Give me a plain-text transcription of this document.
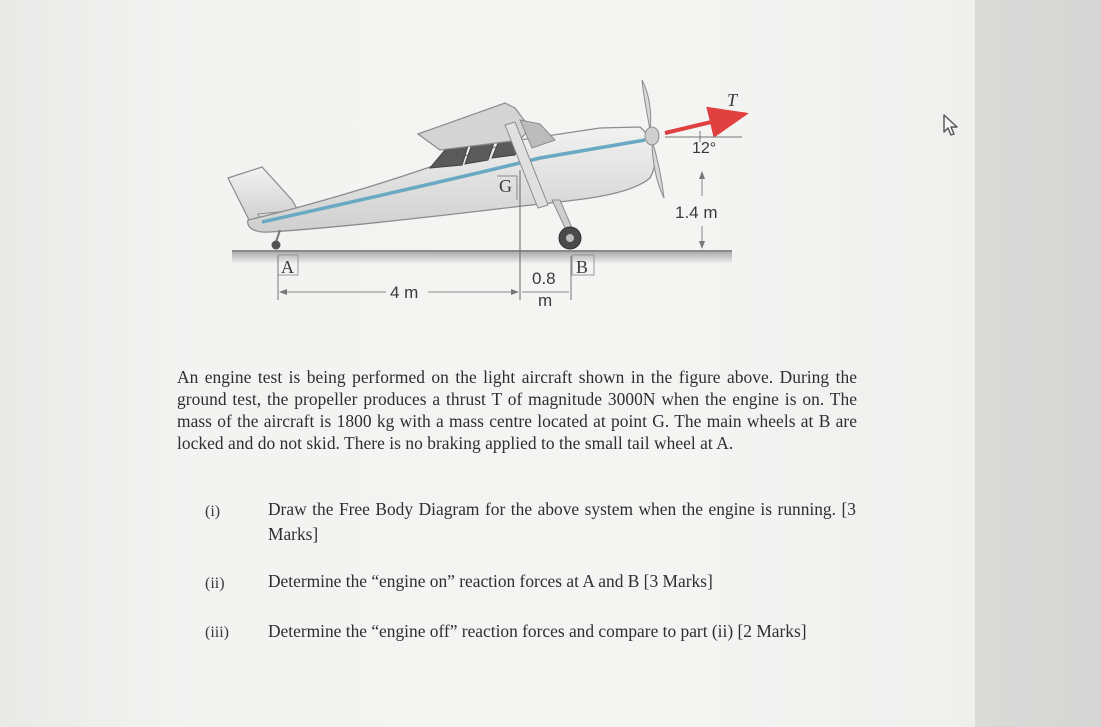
T
12°
1.4 m
G
A	B
4 m
0.8
m
An engine test is being performed on the light aircraft shown in the figure above. During the ground test, the propeller produces a thrust T of magnitude 3000N when the engine is on. The mass of the aircraft is 1800 kg with a mass centre located at point G. The main wheels at B are locked and do not skid. There is no braking applied to the small tail wheel at A.
(i)	Draw the Free Body Diagram for the above system when the engine is running. [3 Marks]
(ii) Determine the “engine on” reaction forces at A and B [3 Marks]
(iii) Determine the “engine off” reaction forces and compare to part (ii) [2 Marks]
